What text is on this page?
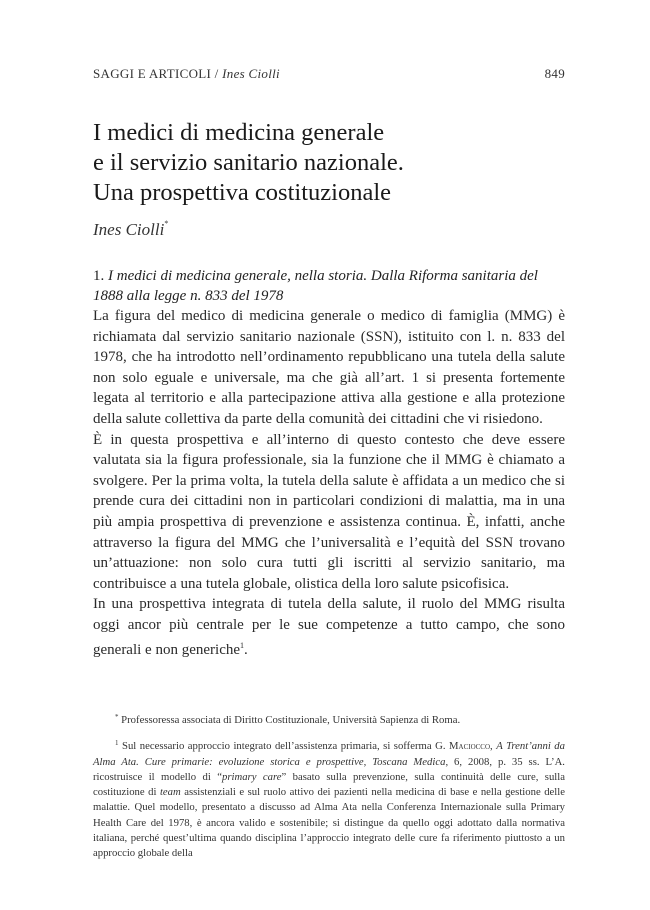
SAGGI E ARTICOLI / Ines Ciolli	849
I medici di medicina generale
e il servizio sanitario nazionale.
Una prospettiva costituzionale
Ines Ciolli*
1. I medici di medicina generale, nella storia. Dalla Riforma sanitaria del 1888 alla legge n. 833 del 1978

La figura del medico di medicina generale o medico di famiglia (MMG) è richiamata dal servizio sanitario nazionale (SSN), istituito con l. n. 833 del 1978, che ha introdotto nell’ordinamento repubblicano una tutela della salute non solo eguale e universale, ma che già all’art. 1 si presenta fortemente legata al territorio e alla partecipazione attiva alla gestione e alla protezione della salute collettiva da parte della comunità dei cittadini che vi risiedono.

È in questa prospettiva e all’interno di questo contesto che deve essere valutata sia la figura professionale, sia la funzione che il MMG è chiamato a svolgere. Per la prima volta, la tutela della salute è affidata a un medico che si prende cura dei cittadini non in particolari condizioni di malattia, ma in una più ampia prospettiva di prevenzione e assistenza continua. È, infatti, anche attraverso la figura del MMG che l’universalità e l’equità del SSN trovano un’attuazione: non solo cura tutti gli iscritti al servizio sanitario, ma contribuisce a una tutela globale, olistica della loro salute psicofisica.

In una prospettiva integrata di tutela della salute, il ruolo del MMG risulta oggi ancor più centrale per le sue competenze a tutto campo, che sono generali e non generiche$^1$.

* Professoressa associata di Diritto Costituzionale, Università Sapienza di Roma.

$^1$ Sul necessario approccio integrato dell’assistenza primaria, si sofferma G. Maciocco, A Trent’anni da Alma Ata. Cure primarie: evoluzione storica e prospettive, Toscana Medica, 6, 2008, p. 35 ss. L’A. ricostruisce il modello di “primary care” basato sulla prevenzione, sulla continuità delle cure, sulla costituzione di team assistenziali e sul ruolo attivo dei pazienti nella medicina di base e nella gestione delle malattie. Quel modello, presentato a discusso ad Alma Ata nella Conferenza Internazionale sulla Primary Health Care del 1978, è ancora valido e sostenibile; si distingue da quello oggi adottato dalla normativa italiana, perché quest’ultima quando disciplina l’approccio integrato delle cure fa riferimento piuttosto a un approccio globale della
